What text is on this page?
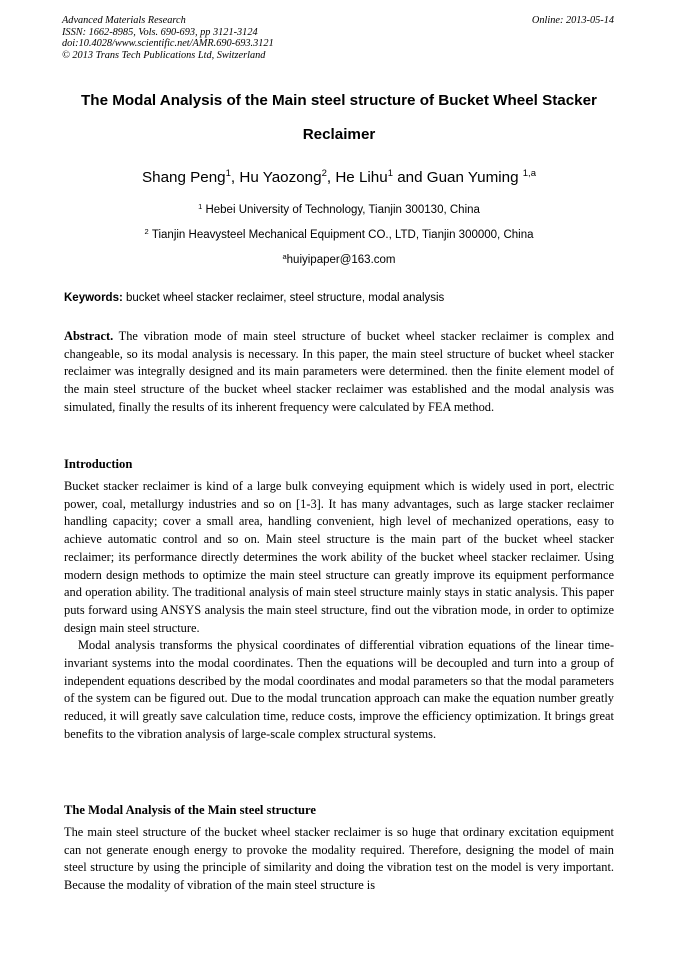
Advanced Materials Research
ISSN: 1662-8985, Vols. 690-693, pp 3121-3124
doi:10.4028/www.scientific.net/AMR.690-693.3121
© 2013 Trans Tech Publications Ltd, Switzerland
Online: 2013-05-14
The Modal Analysis of the Main steel structure of Bucket Wheel Stacker
Reclaimer
Shang Peng$^1$, Hu Yaozong$^2$, He Lihu$^1$ and Guan Yuming $^{1,a}$
$^1$ Hebei University of Technology, Tianjin 300130, China
$^2$ Tianjin Heavysteel Mechanical Equipment CO., LTD, Tianjin 300000, China
$^a$huiyipaper@163.com
Keywords: bucket wheel stacker reclaimer, steel structure, modal analysis
Abstract. The vibration mode of main steel structure of bucket wheel stacker reclaimer is complex and changeable, so its modal analysis is necessary. In this paper, the main steel structure of bucket wheel stacker reclaimer was integrally designed and its main parameters were determined. then the finite element model of the main steel structure of the bucket wheel stacker reclaimer was established and the modal analysis was simulated, finally the results of its inherent frequency were calculated by FEA method.
Introduction
Bucket stacker reclaimer is kind of a large bulk conveying equipment which is widely used in port, electric power, coal, metallurgy industries and so on [1-3]. It has many advantages, such as large stacker reclaimer handling capacity; cover a small area, handling convenient, high level of mechanized operations, easy to achieve automatic control and so on. Main steel structure is the main part of the bucket wheel stacker reclaimer; its performance directly determines the work ability of the bucket wheel stacker reclaimer. Using modern design methods to optimize the main steel structure can greatly improve its equipment performance and operation ability. The traditional analysis of main steel structure mainly stays in static analysis. This paper puts forward using ANSYS analysis the main steel structure, find out the vibration mode, in order to optimize design main steel structure.
Modal analysis transforms the physical coordinates of differential vibration equations of the linear time-invariant systems into the modal coordinates. Then the equations will be decoupled and turn into a group of independent equations described by the modal coordinates and modal parameters so that the modal parameters of the system can be figured out. Due to the modal truncation approach can make the equation number greatly reduced, it will greatly save calculation time, reduce costs, improve the efficiency optimization. It brings great benefits to the vibration analysis of large-scale complex structural systems.
The Modal Analysis of the Main steel structure
The main steel structure of the bucket wheel stacker reclaimer is so huge that ordinary excitation equipment can not generate enough energy to provoke the modality required. Therefore, designing the model of main steel structure by using the principle of similarity and doing the vibration test on the model is very important. Because the modality of vibration of the main steel structure is
